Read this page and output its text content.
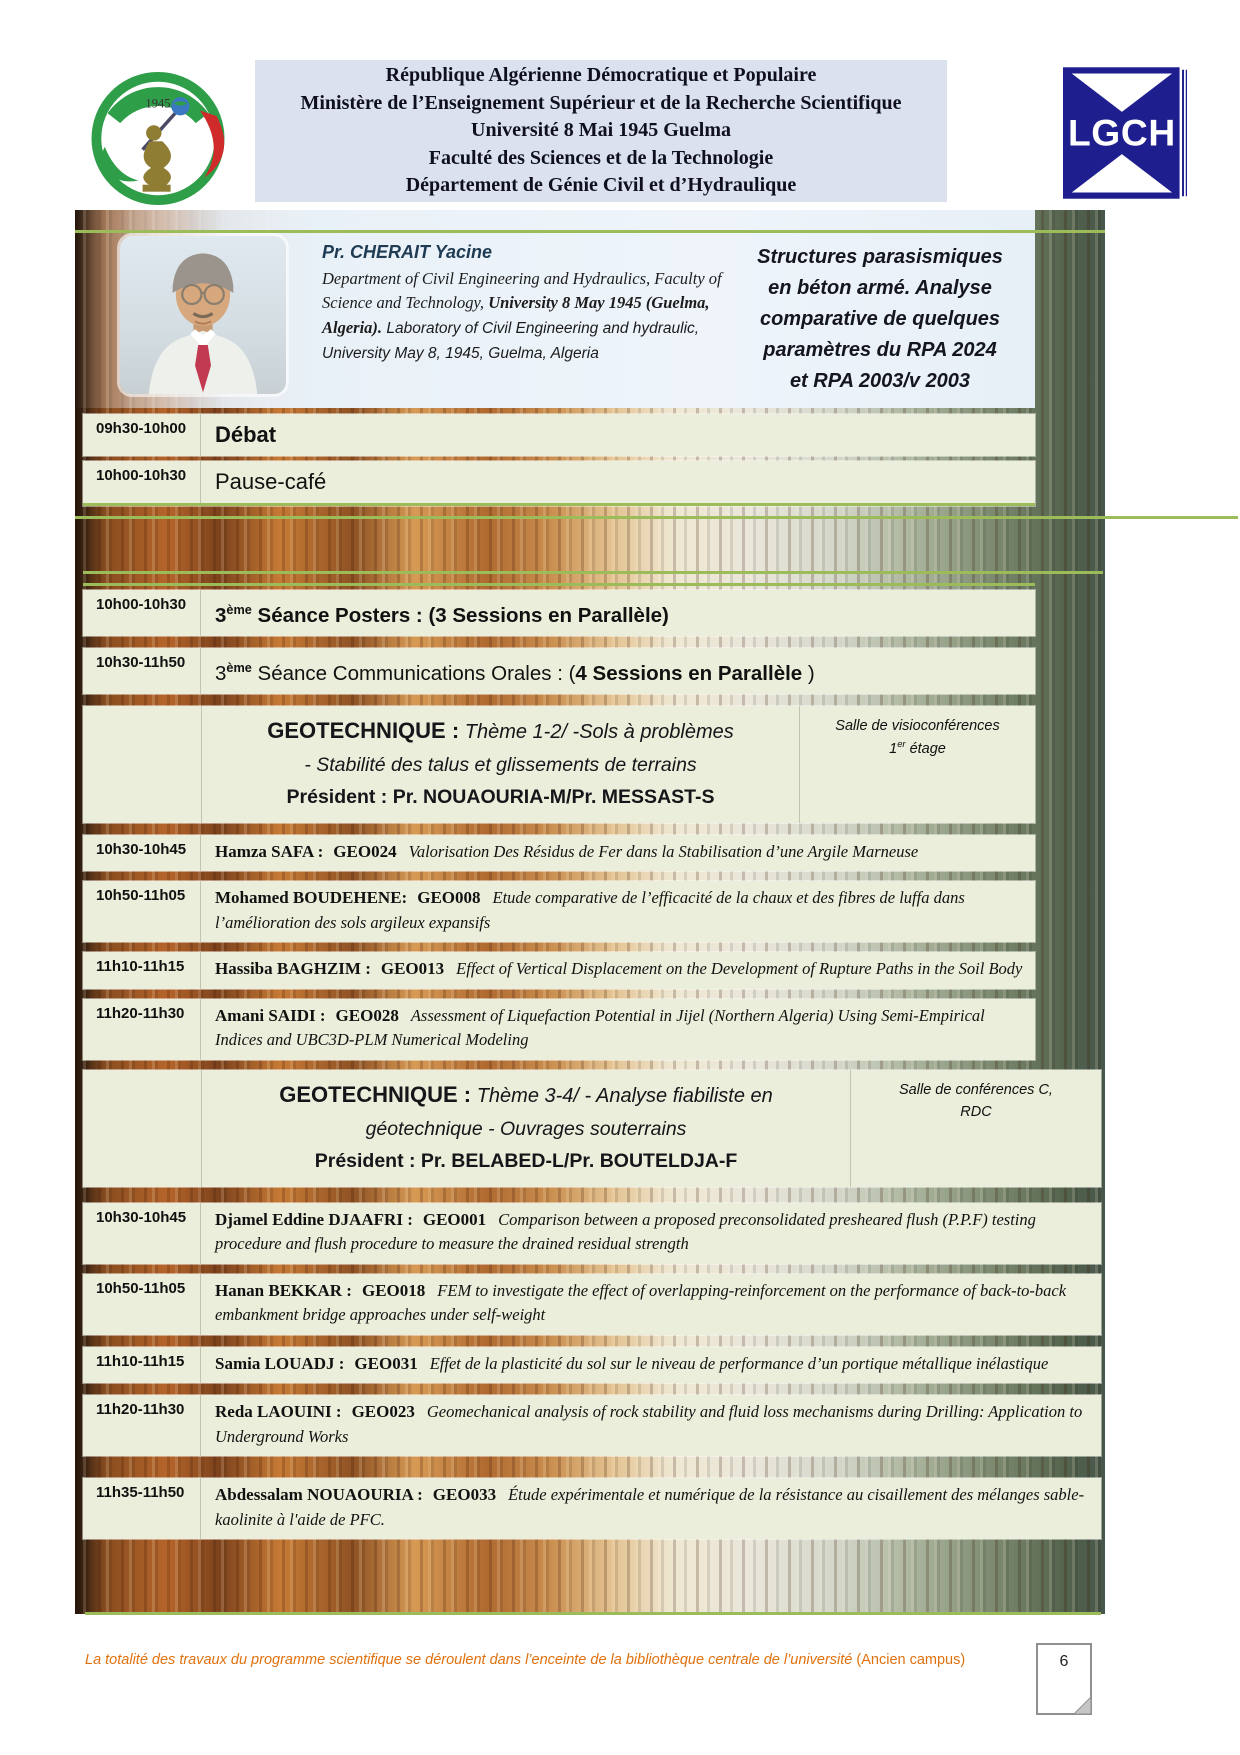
1945
République Algérienne Démocratique et Populaire
Ministère de l’Enseignement Supérieur et de la Recherche Scientifique
Université 8 Mai 1945 Guelma
Faculté des Sciences et de la Technologie
Département de Génie Civil et d’Hydraulique
LGCH
Pr. CHERAIT Yacine
Department of Civil Engineering and Hydraulics, Faculty of Science and Technology, University 8 May 1945 (Guelma, Algeria). Laboratory of Civil Engineering and hydraulic, University May 8, 1945, Guelma, Algeria
Structures parasismiques
en béton armé. Analyse
comparative de quelques
paramètres du RPA 2024
et RPA 2003/v 2003
09h30-10h00	Débat
10h00-10h30	Pause-café
10h00-10h30	3ème Séance Posters : (3 Sessions en Parallèle)
10h30-11h50	3ème Séance Communications Orales : (4 Sessions en Parallèle )
GEOTECHNIQUE : Thème 1-2/ -Sols à problèmes
- Stabilité des talus et glissements de terrains
Président : Pr. NOUAOURIA-M/Pr. MESSAST-S
Salle de visioconférences
1er étage
10h30-10h45	Hamza SAFA : GEO024 Valorisation Des Résidus de Fer dans la Stabilisation d’une Argile Marneuse
10h50-11h05	Mohamed BOUDEHENE: GEO008 Etude comparative de l’efficacité de la chaux et des fibres de luffa dans l’amélioration des sols argileux expansifs
11h10-11h15	Hassiba BAGHZIM : GEO013 Effect of Vertical Displacement on the Development of Rupture Paths in the Soil Body
11h20-11h30	Amani SAIDI : GEO028 Assessment of Liquefaction Potential in Jijel (Northern Algeria) Using Semi-Empirical Indices and UBC3D-PLM Numerical Modeling
GEOTECHNIQUE : Thème 3-4/ - Analyse fiabiliste en
géotechnique - Ouvrages souterrains
Président : Pr. BELABED-L/Pr. BOUTELDJA-F
Salle de conférences C,
RDC
10h30-10h45	Djamel Eddine DJAAFRI : GEO001 Comparison between a proposed preconsolidated presheared flush (P.P.F) testing procedure and flush procedure to measure the drained residual strength
10h50-11h05	Hanan BEKKAR : GEO018 FEM to investigate the effect of overlapping-reinforcement on the performance of back-to-back embankment bridge approaches under self-weight
11h10-11h15	Samia LOUADJ : GEO031 Effet de la plasticité du sol sur le niveau de performance d’un portique métallique inélastique
11h20-11h30	Reda LAOUINI : GEO023 Geomechanical analysis of rock stability and fluid loss mechanisms during Drilling: Application to Underground Works
11h35-11h50	Abdessalam NOUAOURIA : GEO033 Étude expérimentale et numérique de la résistance au cisaillement des mélanges sable-kaolinite à l'aide de PFC.
La totalité des travaux du programme scientifique se déroulent dans l’enceinte de la bibliothèque centrale de l’université (Ancien campus)	6
